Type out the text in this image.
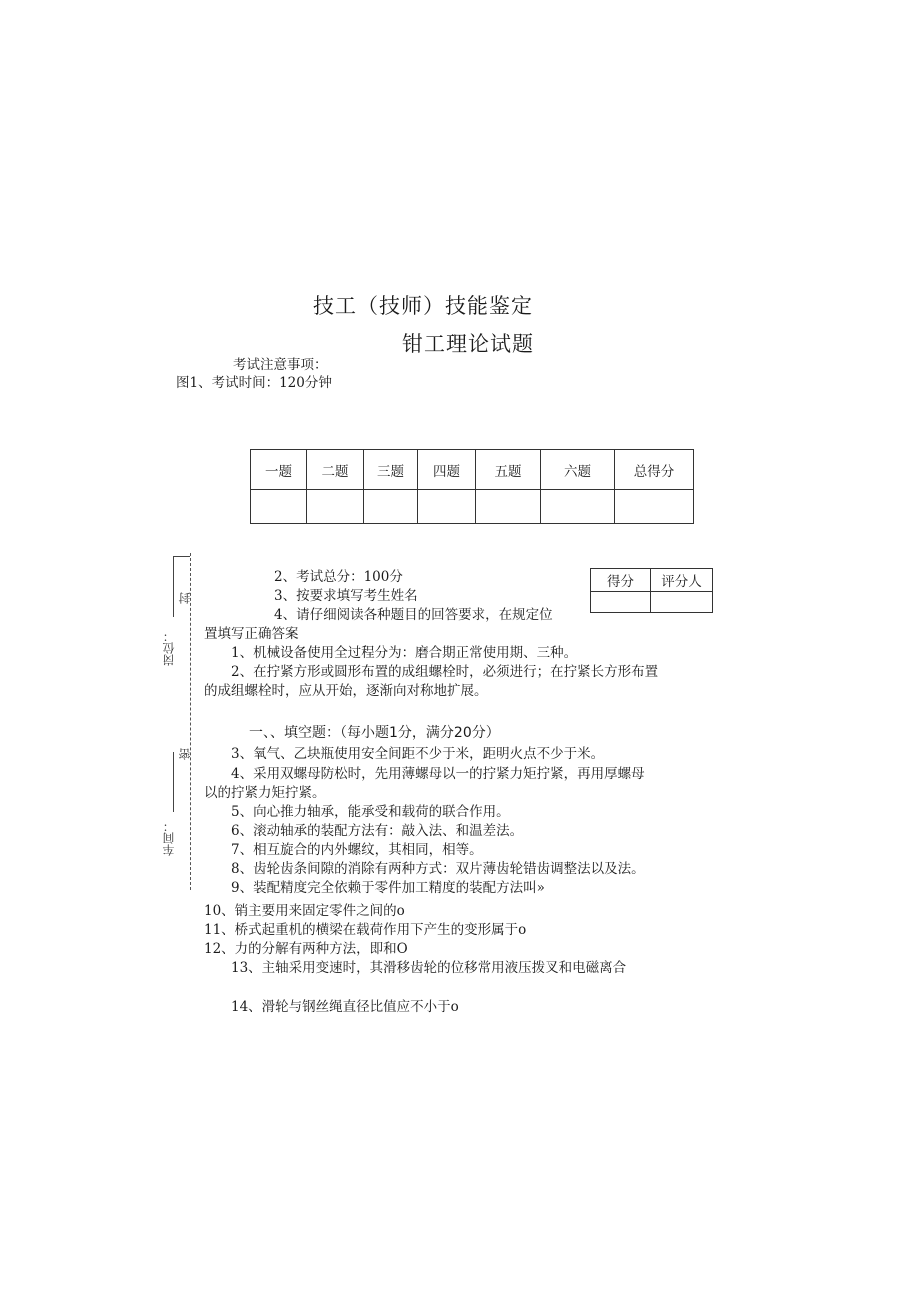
技工（技师）技能鉴定
钳工理论试题
考试注意事项：
图1、考试时间：120分钟
一题	二题	三题	四题	五题	六题	总得分

封
岗位：
密
车间：
得分	评分人

2、考试总分：100分
3、按要求填写考生姓名
4、请仔细阅读各种题目的回答要求，在规定位
置填写正确答案
1、机械设备使用全过程分为：磨合期正常使用期、三种。
2、在拧紧方形或圆形布置的成组螺栓时，必须进行；在拧紧长方形布置
的成组螺栓时，应从开始，逐渐向对称地扩展。
一、、填空题：（每小题1分，满分20分）
3、氧气、乙块瓶使用安全间距不少于米，距明火点不少于米。
4、采用双螺母防松时，先用薄螺母以一的拧紧力矩拧紧，再用厚螺母
以的拧紧力矩拧紧。
5、向心推力轴承，能承受和载荷的联合作用。
6、滚动轴承的装配方法有：敲入法、和温差法。
7、相互旋合的内外螺纹，其相同，相等。
8、齿轮齿条间隙的消除有两种方式：双片薄齿轮错齿调整法以及法。
9、装配精度完全依赖于零件加工精度的装配方法叫»
10、销主要用来固定零件之间的o
11、桥式起重机的横梁在载荷作用下产生的变形属于o
12、力的分解有两种方法，即和O
13、主轴采用变速时，其滑移齿轮的位移常用液压拨叉和电磁离合
14、滑轮与钢丝绳直径比值应不小于o
